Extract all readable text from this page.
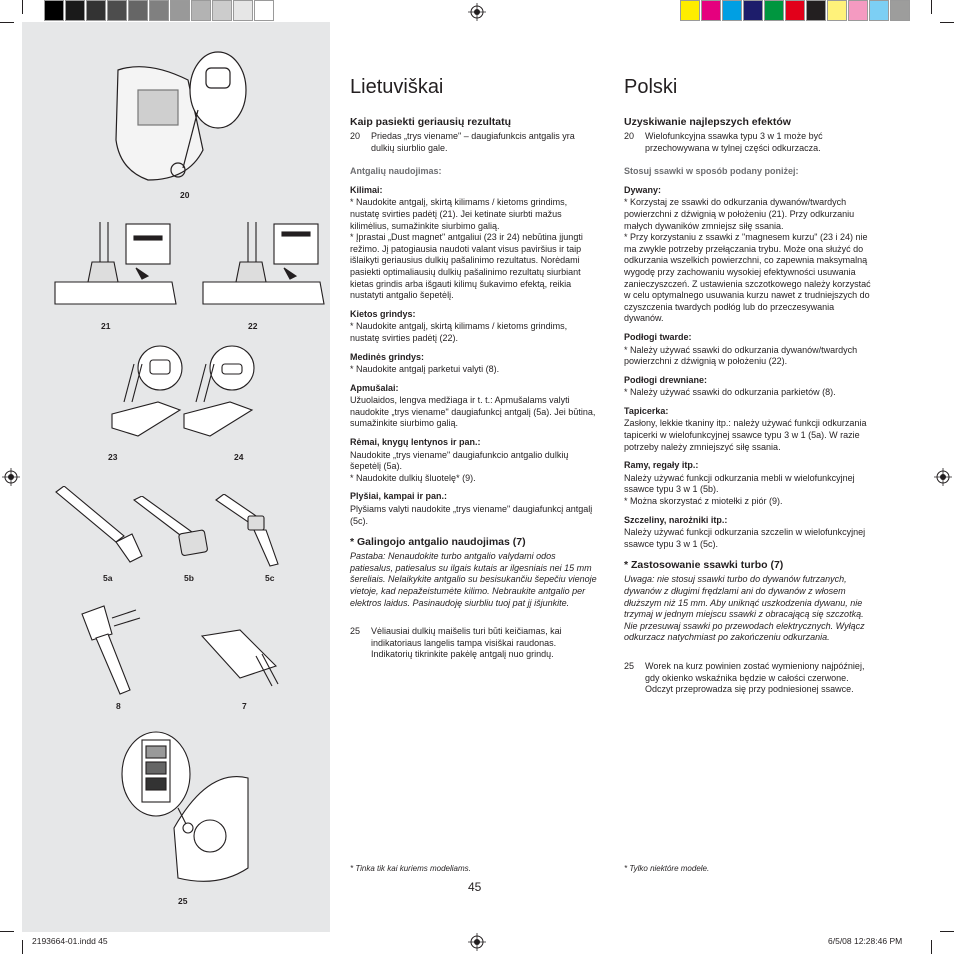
20
21	22
23	24
5a	5b	5c
8	7
25
Lietuviškai
Kaip pasiekti geriausių rezultatų
20	Priedas „trys viename" – daugiafunkcis antgalis yra dulkių siurblio gale.

Antgalių naudojimas:

Kilimai:

* Naudokite antgalį, skirtą kilimams / kietoms grindims, nustatę svirties padėtį (21). Jei ketinate siurbti mažus kilimėlius, sumažinkite siurbimo galią.
* Įprastai „Dust magnet" antgaliui (23 ir 24) nebūtina įjungti režimo. Jį patogiausia naudoti valant visus paviršius ir taip išlaikyti geriausius dulkių pašalinimo rezultatus. Norėdami pasiekti optimaliausių dulkių pašalinimo rezultatų siurbiant kietas grindis arba išgauti kilimų šukavimo efektą, reikia nustatyti antgalio šepetėlį.

Kietos grindys:

* Naudokite antgalį, skirtą kilimams / kietoms grindims, nustatę svirties padėtį (22).

Medinės grindys:

* Naudokite antgalį parketui valyti (8).

Apmušalai:

Užuolaidos, lengva medžiaga ir t. t.: Apmušalams valyti naudokite „trys viename" daugiafunkcį antgalį (5a). Jei būtina, sumažinkite siurbimo galią.

Rėmai, knygų lentynos ir pan.:

Naudokite „trys viename" daugiafunkcio antgalio dulkių šepetėlį (5a).
* Naudokite dulkių šluotelę* (9).

Plyšiai, kampai ir pan.:

Plyšiams valyti naudokite „trys viename" daugiafunkcį antgalį (5c).

* Galingojo antgalio naudojimas (7)

Pastaba: Nenaudokite turbo antgalio valydami odos patiesalus, patiesalus su ilgais kutais ar ilgesniais nei 15 mm šereliais. Nelaikykite antgalio su besisukančiu šepečiu vienoje vietoje, kad nepažeistumėte kilimo. Nebraukite antgalio per elektros laidus. Pasinaudoję siurbliu tuoj pat jį išjunkite.

25	Vėliausiai dulkių maišelis turi būti keičiamas, kai indikatoriaus langelis tampa visiškai raudonas. Indikatorių tikrinkite pakėlę antgalį nuo grindų.
* Tinka tik kai kuriems modeliams.
Polski
Uzyskiwanie najlepszych efektów
20	Wielofunkcyjna ssawka typu 3 w 1 może być przechowywana w tylnej części odkurzacza.

Stosuj ssawki w sposób podany poniżej:

Dywany:

* Korzystaj ze ssawki do odkurzania dywanów/twardych powierzchni z dźwignią w położeniu (21). Przy odkurzaniu małych dywaników zmniejsz siłę ssania.
* Przy korzystaniu z ssawki z "magnesem kurzu" (23 i 24) nie ma zwykle potrzeby przełączania trybu. Może ona służyć do odkurzania wszelkich powierzchni, co zapewnia maksymalną wygodę przy zachowaniu wysokiej efektywności usuwania zanieczyszczeń. Z ustawienia szczotkowego należy korzystać w celu optymalnego usuwania kurzu nawet z trudniejszych do czyszczenia twardych podłóg lub do przeczesywania dywanów.

Podłogi twarde:

* Należy używać ssawki do odkurzania dywanów/twardych powierzchni z dźwignią w położeniu (22).

Podłogi drewniane:

* Należy używać ssawki do odkurzania parkietów (8).

Tapicerka:

Zasłony, lekkie tkaniny itp.: należy używać funkcji odkurzania tapicerki w wielofunkcyjnej ssawce typu 3 w 1 (5a). W razie potrzeby należy zmniejszyć siłę ssania.

Ramy, regały itp.:

Należy używać funkcji odkurzania mebli w wielofunkcyjnej ssawce typu 3 w 1 (5b).
* Można skorzystać z miotełki z piór (9).

Szczeliny, narożniki itp.:

Należy używać funkcji odkurzania szczelin w wielofunkcyjnej ssawce typu 3 w 1 (5c).

* Zastosowanie ssawki turbo (7)

Uwaga: nie stosuj ssawki turbo do dywanów futrzanych, dywanów z długimi frędzlami ani do dywanów z włosem dłuższym niż 15 mm. Aby uniknąć uszkodzenia dywanu, nie trzymaj w jednym miejscu ssawki z obracającą się szczotką. Nie przesuwaj ssawki po przewodach elektrycznych. Wyłącz odkurzacz natychmiast po zakończeniu odkurzania.

25	Worek na kurz powinien zostać wymieniony najpóźniej, gdy okienko wskaźnika będzie w całości czerwone. Odczyt przeprowadza się przy podniesionej ssawce.
* Tylko niektóre modele.
45
2193664-01.indd 45	6/5/08 12:28:46 PM
